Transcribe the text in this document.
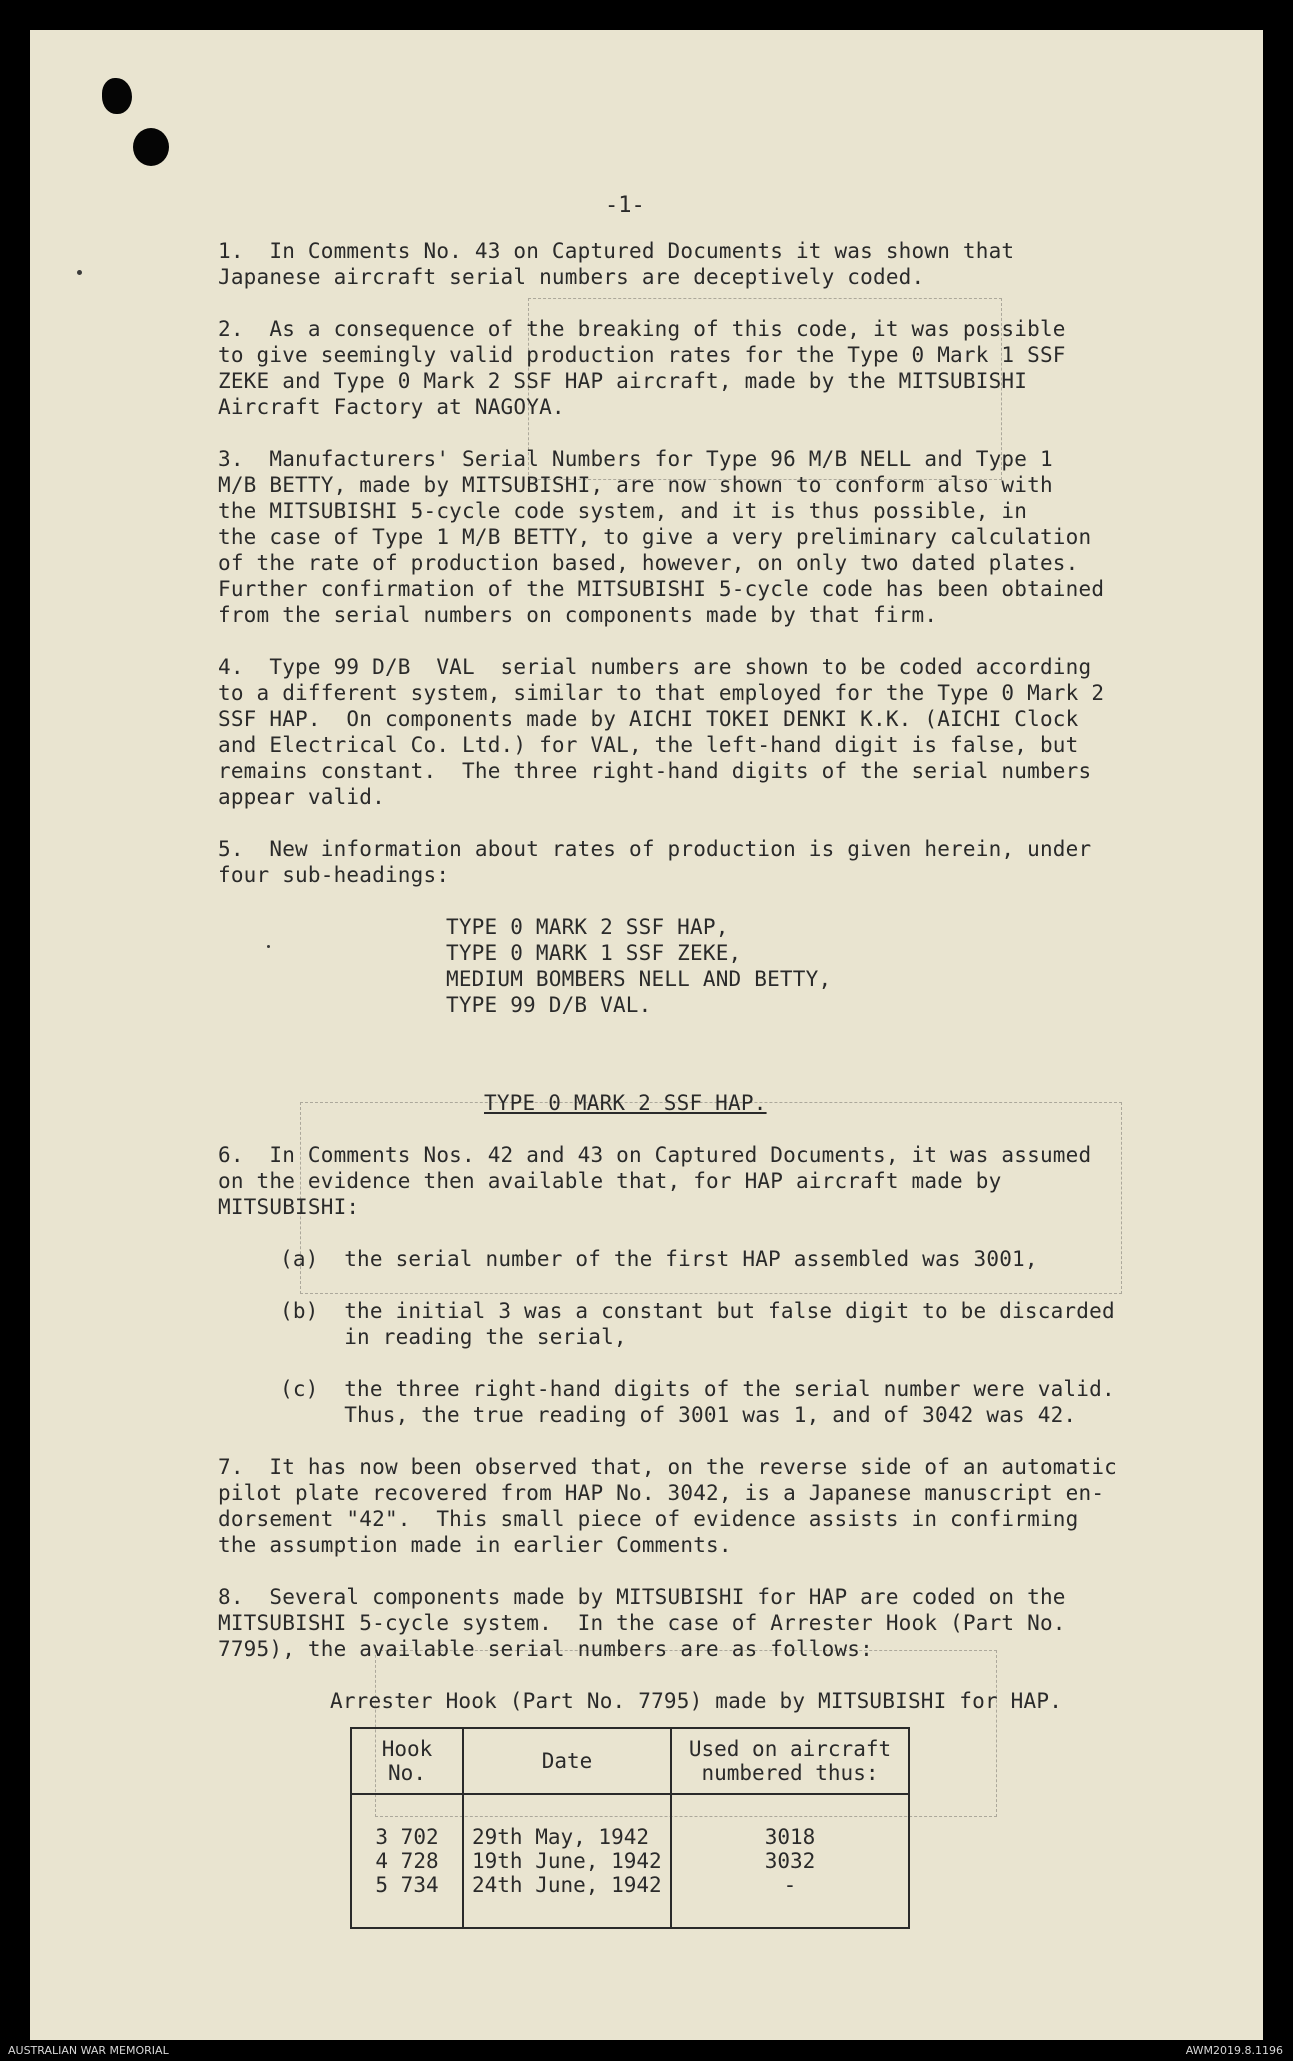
-1-
1.  In Comments No. 43 on Captured Documents it was shown that
Japanese aircraft serial numbers are deceptively coded.
2.  As a consequence of the breaking of this code, it was possible
to give seemingly valid production rates for the Type 0 Mark 1 SSF
ZEKE and Type 0 Mark 2 SSF HAP aircraft, made by the MITSUBISHI
Aircraft Factory at NAGOYA.
3.  Manufacturers' Serial Numbers for Type 96 M/B NELL and Type 1
M/B BETTY, made by MITSUBISHI, are now shown to conform also with
the MITSUBISHI 5-cycle code system, and it is thus possible, in
the case of Type 1 M/B BETTY, to give a very preliminary calculation
of the rate of production based, however, on only two dated plates.
Further confirmation of the MITSUBISHI 5-cycle code has been obtained
from the serial numbers on components made by that firm.
4.  Type 99 D/B  VAL  serial numbers are shown to be coded according
to a different system, similar to that employed for the Type 0 Mark 2
SSF HAP.  On components made by AICHI TOKEI DENKI K.K. (AICHI Clock
and Electrical Co. Ltd.) for VAL, the left-hand digit is false, but
remains constant.  The three right-hand digits of the serial numbers
appear valid.
5.  New information about rates of production is given herein, under
four sub-headings:
TYPE 0 MARK 2 SSF HAP,
TYPE 0 MARK 1 SSF ZEKE,
MEDIUM BOMBERS NELL AND BETTY,
TYPE 99 D/B VAL.
TYPE 0 MARK 2 SSF HAP.
6.  In Comments Nos. 42 and 43 on Captured Documents, it was assumed
on the evidence then available that, for HAP aircraft made by
MITSUBISHI:
(a)  the serial number of the first HAP assembled was 3001,
(b)  the initial 3 was a constant but false digit to be discarded
in reading the serial,
(c)  the three right-hand digits of the serial number were valid.
Thus, the true reading of 3001 was 1, and of 3042 was 42.
7.  It has now been observed that, on the reverse side of an automatic
pilot plate recovered from HAP No. 3042, is a Japanese manuscript en-
dorsement "42".  This small piece of evidence assists in confirming
the assumption made in earlier Comments.
8.  Several components made by MITSUBISHI for HAP are coded on the
MITSUBISHI 5-cycle system.  In the case of Arrester Hook (Part No.
7795), the available serial numbers are as follows:
Arrester Hook (Part No. 7795) made by MITSUBISHI for HAP.
Hook No.	Date	Used on aircraft
numbered thus:
3 702	29th May, 1942	3018
4 728	19th June, 1942	3032
5 734	24th June, 1942	-
AUSTRALIAN WAR MEMORIAL	AWM2019.8.1196
